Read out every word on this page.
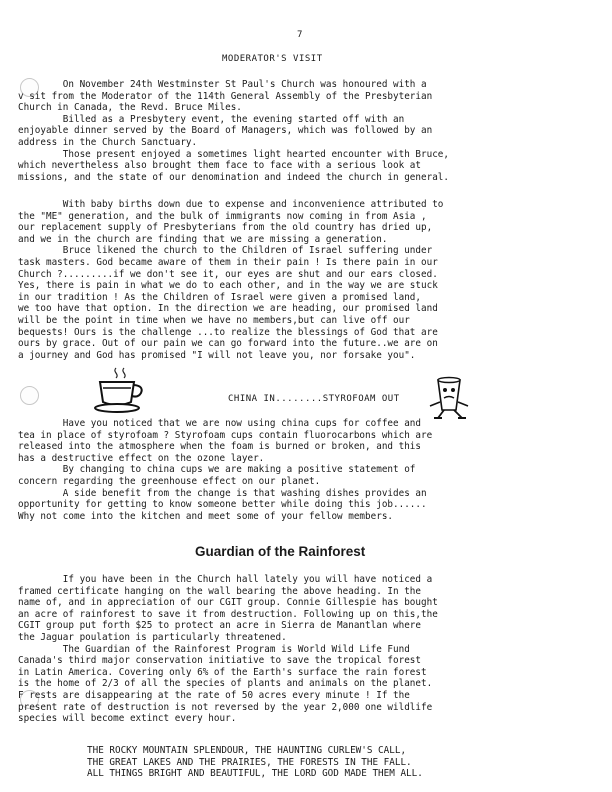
7
MODERATOR'S VISIT
On November 24th Westminster St Paul's Church was honoured with a
v sit from the Moderator of the 114th General Assembly of the Presbyterian
Church in Canada, the Revd. Bruce Miles.
Billed as a Presbytery event, the evening started off with an
enjoyable dinner served by the Board of Managers, which was followed by an
address in the Church Sanctuary.
Those present enjoyed a sometimes light hearted encounter with Bruce,
which nevertheless also brought them face to face with a serious look at
missions, and the state of our denomination and indeed the church in general.
With baby births down due to expense and inconvenience attributed to
the "ME" generation, and the bulk of immigrants now coming in from Asia ,
our replacement supply of Presbyterians from the old country has dried up,
and we in the church are finding that we are missing a generation.
Bruce likened the church to the Children of Israel suffering under
task masters. God became aware of them in their pain ! Is there pain in our
Church ?.........if we don't see it, our eyes are shut and our ears closed.
Yes, there is pain in what we do to each other, and in the way we are stuck
in our tradition ! As the Children of Israel were given a promised land,
we too have that option. In the direction we are heading, our promised land
will be the point in time when we have no members,but can live off our
bequests! Ours is the challenge ...to realize the blessings of God that are
ours by grace. Out of our pain we can go forward into the future..we are on
a journey and God has promised "I will not leave you, nor forsake you".
CHINA IN........STYROFOAM OUT
Have you noticed that we are now using china cups for coffee and
tea in place of styrofoam ? Styrofoam cups contain fluorocarbons which are
released into the atmosphere when the foam is burned or broken, and this
has a destructive effect on the ozone layer.
By changing to china cups we are making a positive statement of
concern regarding the greenhouse effect on our planet.
A side benefit from the change is that washing dishes provides an
opportunity for getting to know someone better while doing this job......
Why not come into the kitchen and meet some of your fellow members.
Guardian of the Rainforest
If you have been in the Church hall lately you will have noticed a
framed certificate hanging on the wall bearing the above heading. In the
name of, and in appreciation of our CGIT group. Connie Gillespie has bought
an acre of rainforest to save it from destruction. Following up on this,the
CGIT group put forth $25 to protect an acre in Sierra de Manantlan where
the Jaguar poulation is particularly threatened.
The Guardian of the Rainforest Program is World Wild Life Fund
Canada's third major conservation initiative to save the tropical forest
in Latin America. Covering only 6% of the Earth's surface the rain forest
is the home of 2/3 of all the species of plants and animals on the planet.
F rests are disappearing at the rate of 50 acres every minute ! If the
present rate of destruction is not reversed by the year 2,000 one wildlife
species will become extinct every hour.
THE ROCKY MOUNTAIN SPLENDOUR, THE HAUNTING CURLEW'S CALL,
THE GREAT LAKES AND THE PRAIRIES, THE FORESTS IN THE FALL.
ALL THINGS BRIGHT AND BEAUTIFUL, THE LORD GOD MADE THEM ALL.
